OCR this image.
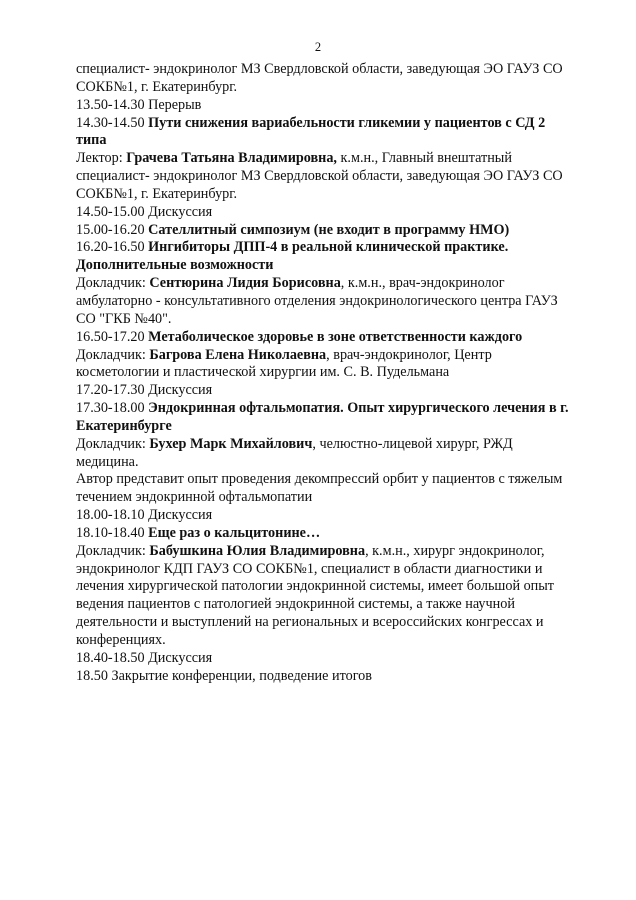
2
специалист- эндокринолог МЗ Свердловской области, заведующая ЭО ГАУЗ СО
СОКБ№1, г. Екатеринбург.
13.50-14.30 Перерыв
14.30-14.50 Пути снижения вариабельности гликемии у пациентов с СД 2
типа
Лектор: Грачева Татьяна Владимировна, к.м.н., Главный внештатный
специалист- эндокринолог МЗ Свердловской области, заведующая ЭО ГАУЗ СО
СОКБ№1, г. Екатеринбург.
14.50-15.00 Дискуссия
15.00-16.20 Сателлитный симпозиум (не входит в программу НМО)
16.20-16.50 Ингибиторы ДПП-4 в реальной клинической практике.
Дополнительные возможности
Докладчик: Сентюрина Лидия Борисовна, к.м.н., врач-эндокринолог
амбулаторно - консультативного отделения эндокринологического центра ГАУЗ
СО "ГКБ №40".
16.50-17.20 Метаболическое здоровье в зоне ответственности каждого
Докладчик: Багрова Елена Николаевна, врач-эндокринолог, Центр
косметологии и пластической хирургии им. С. В. Пудельмана
17.20-17.30 Дискуссия
17.30-18.00 Эндокринная офтальмопатия. Опыт хирургического лечения в г.
Екатеринбурге
Докладчик: Бухер Марк Михайлович, челюстно-лицевой хирург, РЖД
медицина.
Автор представит опыт проведения декомпрессий орбит у пациентов с тяжелым
течением эндокринной офтальмопатии
18.00-18.10 Дискуссия
18.10-18.40 Еще раз о кальцитонине…
Докладчик: Бабушкина Юлия Владимировна, к.м.н., хирург эндокринолог,
эндокринолог КДП ГАУЗ СО СОКБ№1, специалист в области диагностики и
лечения хирургической патологии эндокринной системы, имеет большой опыт
ведения пациентов с патологией эндокринной системы, а также научной
деятельности и выступлений на региональных и всероссийских конгрессах и
конференциях.
18.40-18.50 Дискуссия
18.50 Закрытие конференции, подведение итогов
